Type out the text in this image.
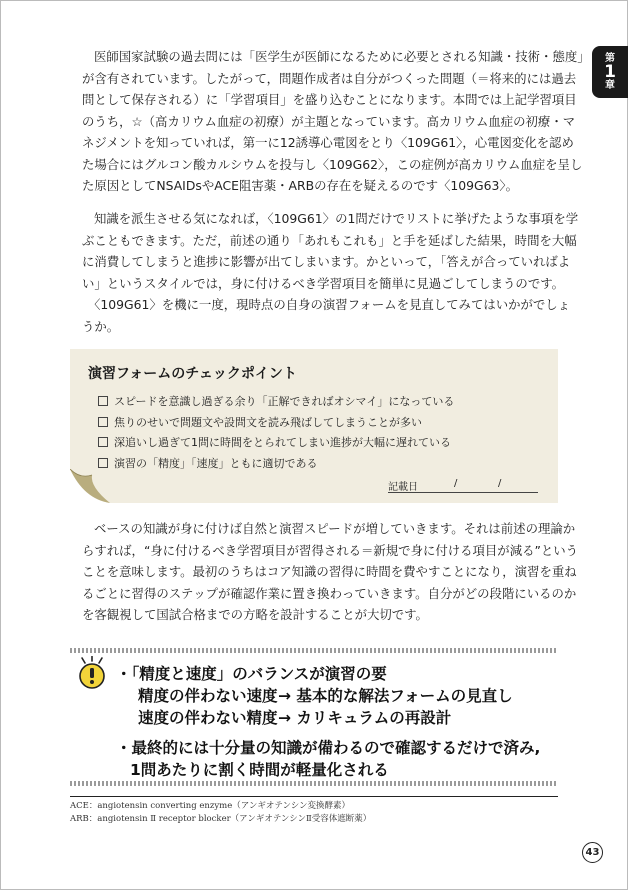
第
1
章

医師国家試験の過去問には「医学生が医師になるために必要とされる知識・技術・態度」
が含有されています。したがって，問題作成者は自分がつくった問題（＝将来的には過去
問として保存される）に「学習項目」を盛り込むことになります。本問では上記学習項目
のうち，☆（高カリウム血症の初療）が主題となっています。高カリウム血症の初療・マ
ネジメントを知っていれば，第一に12誘導心電図をとり〈109G61〉，心電図変化を認め
た場合にはグルコン酸カルシウムを投与し〈109G62〉，この症例が高カリウム血症を呈し
た原因としてNSAIDsやACE阻害薬・ARBの存在を疑えるのです〈109G63〉。

知識を派生させる気になれば，〈109G61〉の1問だけでリストに挙げたような事項を学
ぶこともできます。ただ，前述の通り「あれもこれも」と手を延ばした結果，時間を大幅
に消費してしまうと進捗に影響が出てしまいます。かといって，「答えが合っていればよ
い」というスタイルでは，身に付けるべき学習項目を簡単に見過ごしてしまうのです。
〈109G61〉を機に一度，現時点の自身の演習フォームを見直してみてはいかがでしょ
うか。

演習フォームのチェックポイント
スピードを意識し過ぎる余り「正解できればオシマイ」になっている
焦りのせいで問題文や設問文を読み飛ばしてしまうことが多い
深追いし過ぎて1問に時間をとられてしまい進捗が大幅に遅れている
演習の「精度」「速度」ともに適切である
記載日	/	/

ベースの知識が身に付けば自然と演習スピードが増していきます。それは前述の理論か
らすれば，“身に付けるべき学習項目が習得される＝新規で身に付ける項目が減る”という
ことを意味します。最初のうちはコア知識の習得に時間を費やすことになり，演習を重ね
るごとに習得のステップが確認作業に置き換わっていきます。自分がどの段階にいるのか
を客観視して国試合格までの方略を設計することが大切です。

・「精度と速度」のバランスが演習の要
精度の伴わない速度 → 基本的な解法フォームの見直し
速度の伴わない精度 → カリキュラムの再設計
・最終的には十分量の知識が備わるので確認するだけで済み,
1問あたりに割く時間が軽量化される
ACE：angiotensin converting enzyme（アンギオテンシン変換酵素）
ARB：angiotensin Ⅱ receptor blocker（アンギオテンシンⅡ受容体遮断薬）
43
